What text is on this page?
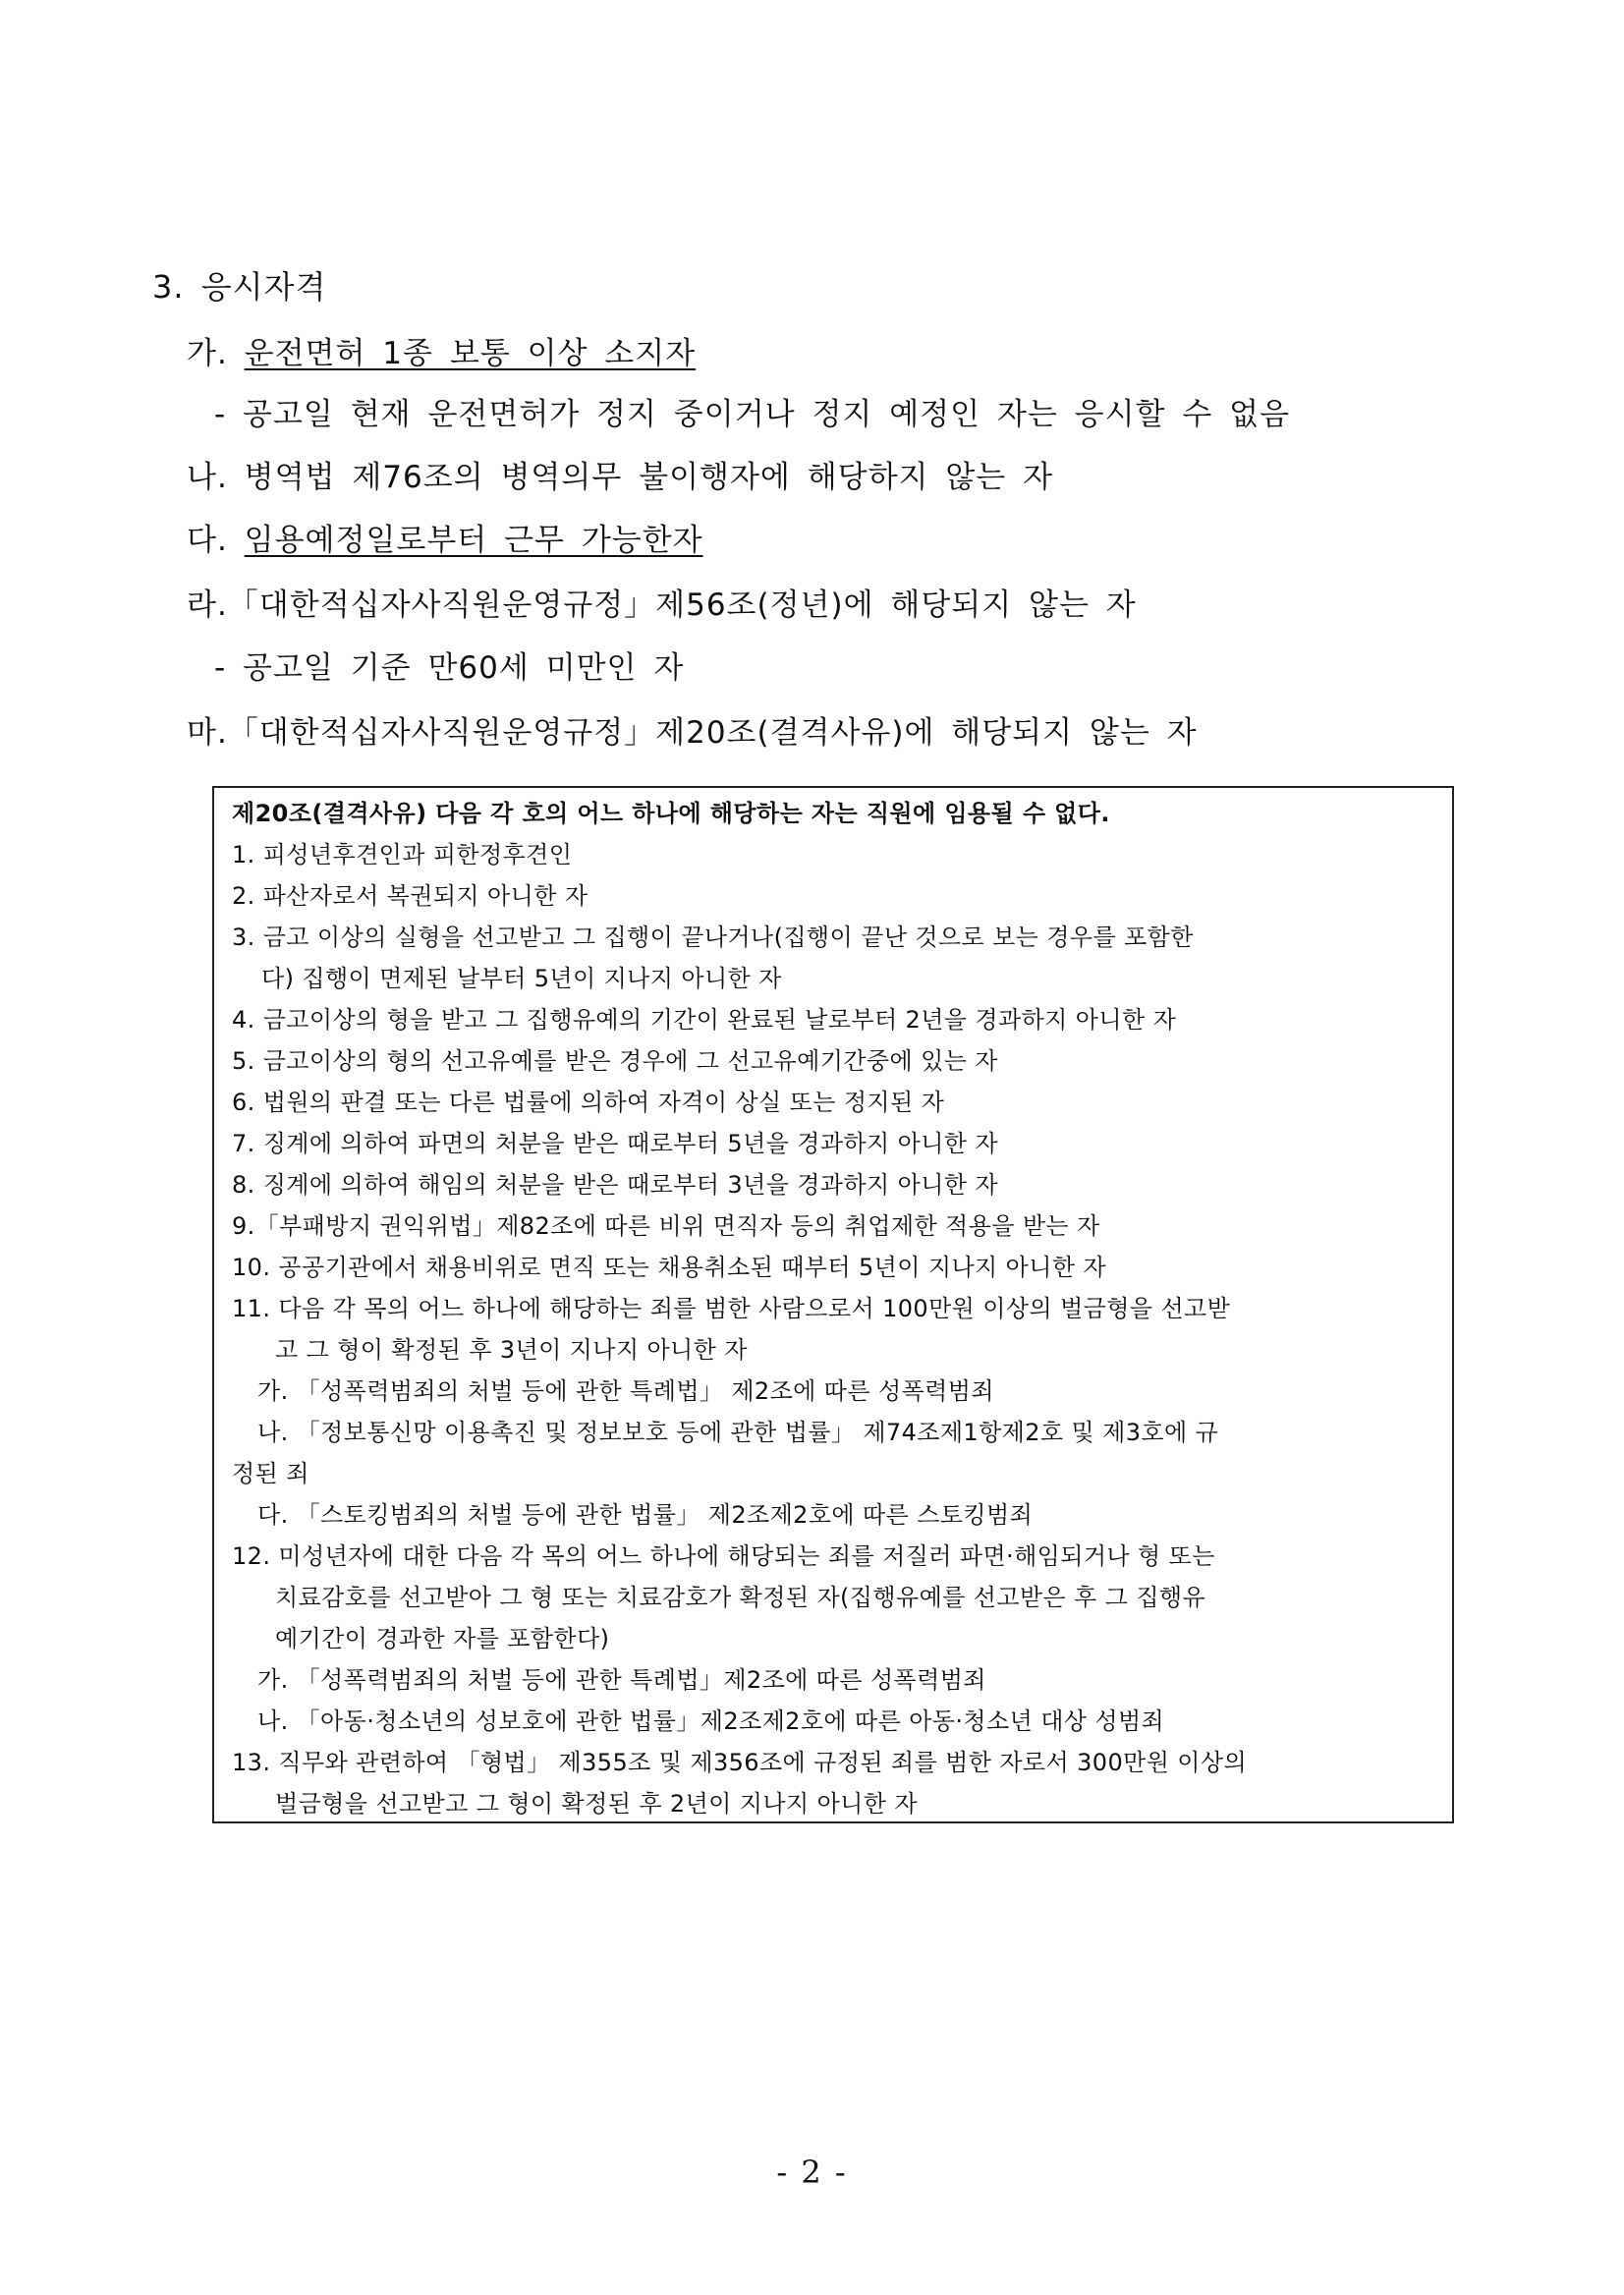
3. 응시자격
가. 운전면허 1종 보통 이상 소지자
- 공고일 현재 운전면허가 정지 중이거나 정지 예정인 자는 응시할 수 없음
나. 병역법 제76조의 병역의무 불이행자에 해당하지 않는 자
다. 임용예정일로부터 근무 가능한자
라.「대한적십자사직원운영규정」제56조(정년)에 해당되지 않는 자
- 공고일 기준 만60세 미만인 자
마.「대한적십자사직원운영규정」제20조(결격사유)에 해당되지 않는 자
제20조(결격사유) 다음 각 호의 어느 하나에 해당하는 자는 직원에 임용될 수 없다.
1. 피성년후견인과 피한정후견인
2. 파산자로서 복권되지 아니한 자
3. 금고 이상의 실형을 선고받고 그 집행이 끝나거나(집행이 끝난 것으로 보는 경우를 포함한
다) 집행이 면제된 날부터 5년이 지나지 아니한 자
4. 금고이상의 형을 받고 그 집행유예의 기간이 완료된 날로부터 2년을 경과하지 아니한 자
5. 금고이상의 형의 선고유예를 받은 경우에 그 선고유예기간중에 있는 자
6. 법원의 판결 또는 다른 법률에 의하여 자격이 상실 또는 정지된 자
7. 징계에 의하여 파면의 처분을 받은 때로부터 5년을 경과하지 아니한 자
8. 징계에 의하여 해임의 처분을 받은 때로부터 3년을 경과하지 아니한 자
9.「부패방지 권익위법」제82조에 따른 비위 면직자 등의 취업제한 적용을 받는 자
10. 공공기관에서 채용비위로 면직 또는 채용취소된 때부터 5년이 지나지 아니한 자
11. 다음 각 목의 어느 하나에 해당하는 죄를 범한 사람으로서 100만원 이상의 벌금형을 선고받
고 그 형이 확정된 후 3년이 지나지 아니한 자
가. 「성폭력범죄의 처벌 등에 관한 특례법」 제2조에 따른 성폭력범죄
나. 「정보통신망 이용촉진 및 정보보호 등에 관한 법률」 제74조제1항제2호 및 제3호에 규
정된 죄
다. 「스토킹범죄의 처벌 등에 관한 법률」 제2조제2호에 따른 스토킹범죄
12. 미성년자에 대한 다음 각 목의 어느 하나에 해당되는 죄를 저질러 파면·해임되거나 형 또는
치료감호를 선고받아 그 형 또는 치료감호가 확정된 자(집행유예를 선고받은 후 그 집행유
예기간이 경과한 자를 포함한다)
가. 「성폭력범죄의 처벌 등에 관한 특례법」제2조에 따른 성폭력범죄
나. 「아동·청소년의 성보호에 관한 법률」제2조제2호에 따른 아동·청소년 대상 성범죄
13. 직무와 관련하여 「형법」 제355조 및 제356조에 규정된 죄를 범한 자로서 300만원 이상의
벌금형을 선고받고 그 형이 확정된 후 2년이 지나지 아니한 자
- 2 -
